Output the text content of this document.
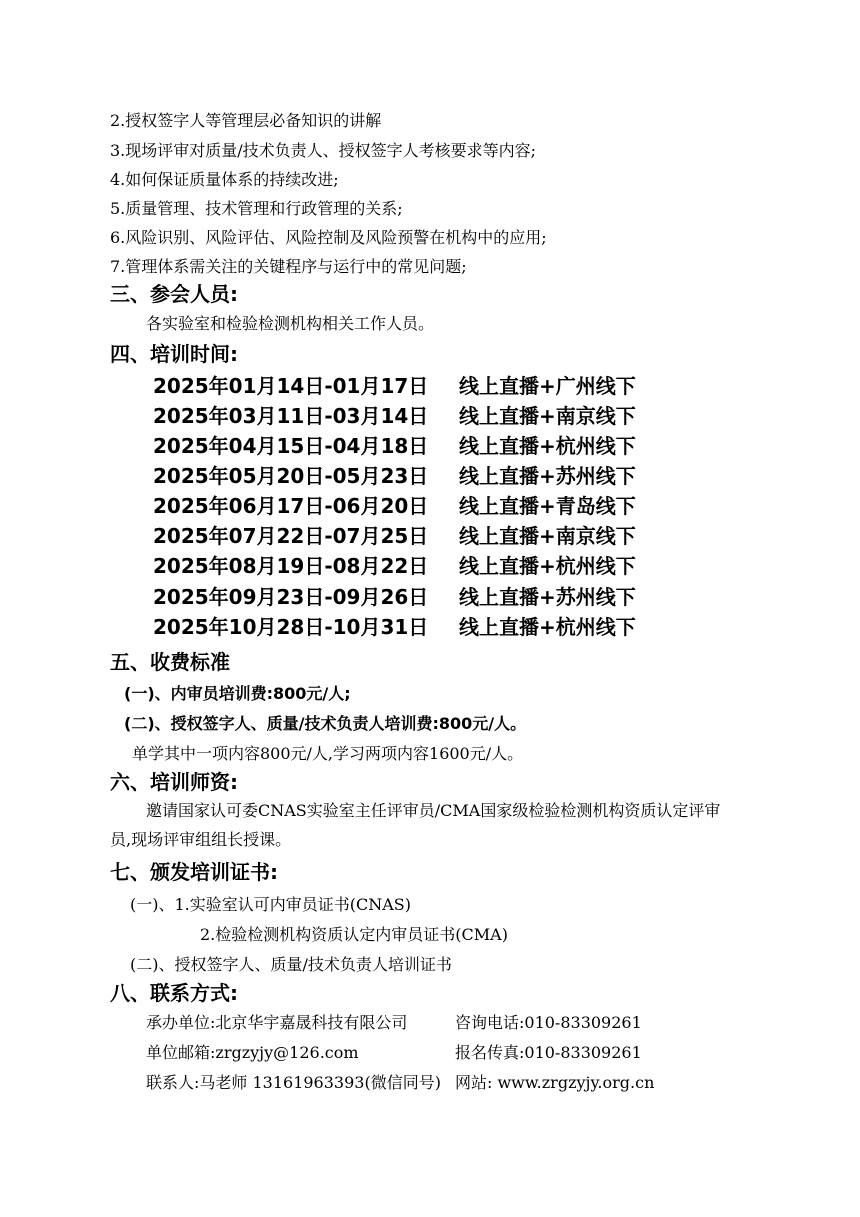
2.授权签字人等管理层必备知识的讲解
3.现场评审对质量/技术负责人、授权签字人考核要求等内容;
4.如何保证质量体系的持续改进;
5.质量管理、技术管理和行政管理的关系;
6.风险识别、风险评估、风险控制及风险预警在机构中的应用;
7.管理体系需关注的关键程序与运行中的常见问题;
三、参会人员:
各实验室和检验检测机构相关工作人员。
四、培训时间:
2025年01月14日-01月17日 线上直播+广州线下
2025年03月11日-03月14日 线上直播+南京线下
2025年04月15日-04月18日 线上直播+杭州线下
2025年05月20日-05月23日 线上直播+苏州线下
2025年06月17日-06月20日 线上直播+青岛线下
2025年07月22日-07月25日 线上直播+南京线下
2025年08月19日-08月22日 线上直播+杭州线下
2025年09月23日-09月26日 线上直播+苏州线下
2025年10月28日-10月31日 线上直播+杭州线下
五、收费标准
(一)、内审员培训费:800元/人;
(二)、授权签字人、质量/技术负责人培训费:800元/人。
单学其中一项内容800元/人,学习两项内容1600元/人。
六、培训师资:
邀请国家认可委CNAS实验室主任评审员/CMA国家级检验检测机构资质认定评审
员,现场评审组组长授课。
七、颁发培训证书:
(一)、1.实验室认可内审员证书(CNAS)
2.检验检测机构资质认定内审员证书(CMA)
(二)、授权签字人、质量/技术负责人培训证书
八、联系方式:
承办单位:北京华宇嘉晟科技有限公司	咨询电话:010-83309261
单位邮箱:zrgzyjy@126.com	报名传真:010-83309261
联系人:马老师 13161963393(微信同号) 网站: www.zrgzyjy.org.cn
